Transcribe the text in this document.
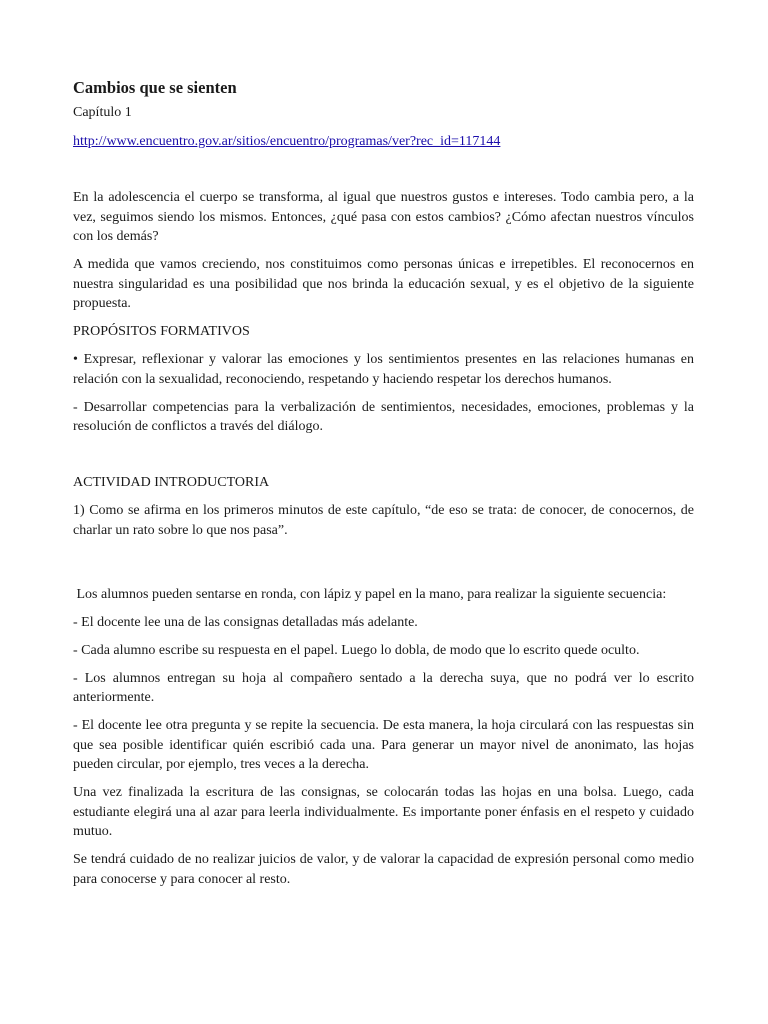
Cambios que se sienten

Capítulo 1

http://www.encuentro.gov.ar/sitios/encuentro/programas/ver?rec_id=117144

En la adolescencia el cuerpo se transforma, al igual que nuestros gustos e intereses. Todo cambia pero, a la vez, seguimos siendo los mismos. Entonces, ¿qué pasa con estos cambios? ¿Cómo afectan nuestros vínculos con los demás?

A medida que vamos creciendo, nos constituimos como personas únicas e irrepetibles. El reconocernos en nuestra singularidad es una posibilidad que nos brinda la educación sexual, y es el objetivo de la siguiente propuesta.

PROPÓSITOS FORMATIVOS

• Expresar, reflexionar y valorar las emociones y los sentimientos presentes en las relaciones humanas en relación con la sexualidad, reconociendo, respetando y haciendo respetar los derechos humanos.

- Desarrollar competencias para la verbalización de sentimientos, necesidades, emociones, problemas y la resolución de conflictos a través del diálogo.

ACTIVIDAD INTRODUCTORIA

1) Como se afirma en los primeros minutos de este capítulo, “de eso se trata: de conocer, de conocernos, de charlar un rato sobre lo que nos pasa”.

Los alumnos pueden sentarse en ronda, con lápiz y papel en la mano, para realizar la siguiente secuencia:

- El docente lee una de las consignas detalladas más adelante.

- Cada alumno escribe su respuesta en el papel. Luego lo dobla, de modo que lo escrito quede oculto.

- Los alumnos entregan su hoja al compañero sentado a la derecha suya, que no podrá ver lo escrito anteriormente.

- El docente lee otra pregunta y se repite la secuencia. De esta manera, la hoja circulará con las respuestas sin que sea posible identificar quién escribió cada una. Para generar un mayor nivel de anonimato, las hojas pueden circular, por ejemplo, tres veces a la derecha.

Una vez finalizada la escritura de las consignas, se colocarán todas las hojas en una bolsa. Luego, cada estudiante elegirá una al azar para leerla individualmente. Es importante poner énfasis en el respeto y cuidado mutuo.

Se tendrá cuidado de no realizar juicios de valor, y de valorar la capacidad de expresión personal como medio para conocerse y para conocer al resto.
